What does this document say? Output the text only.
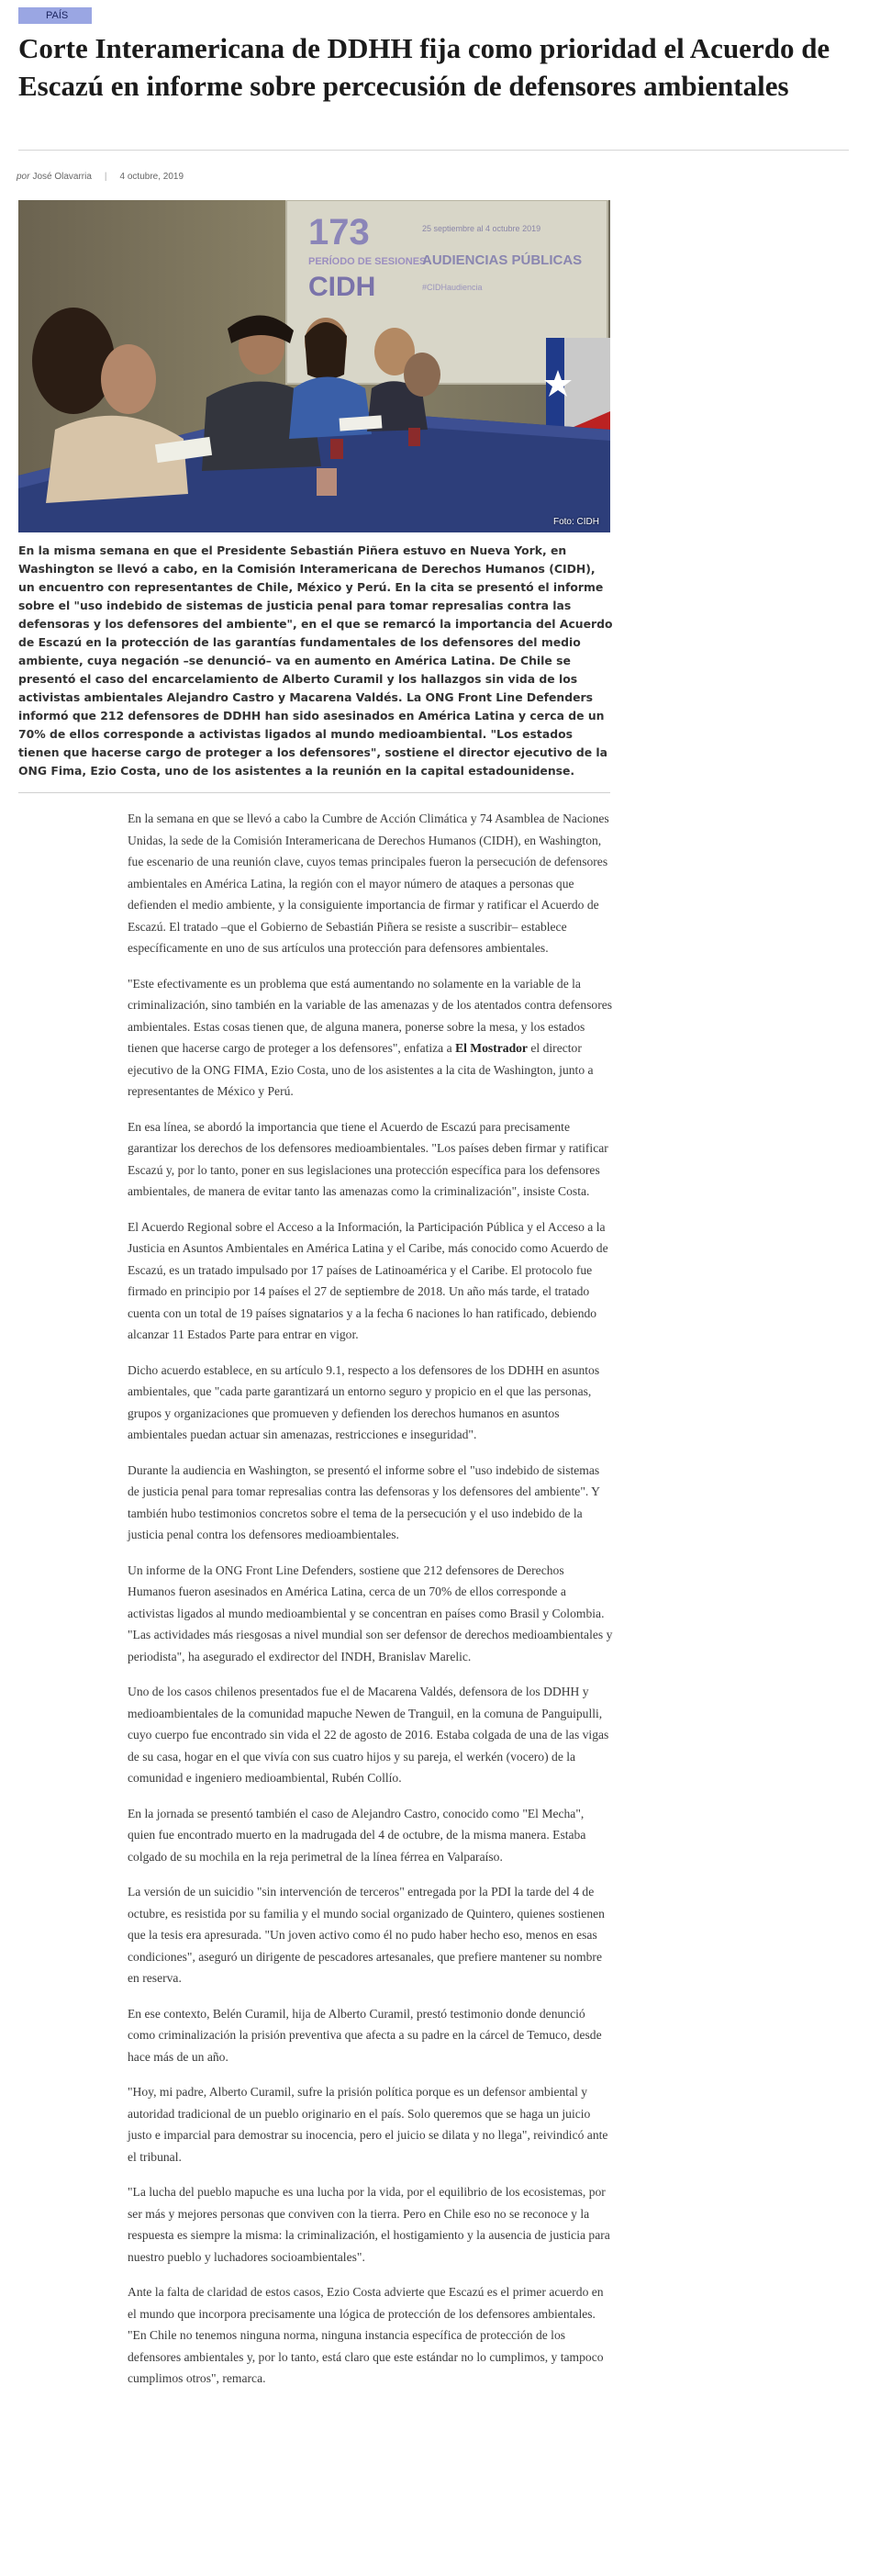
PAÍS
Corte Interamericana de DDHH fija como prioridad el Acuerdo de Escazú en informe sobre percecusión de defensores ambientales
por José Olavarria | 4 octubre, 2019
173
PERÍODO DE SESIONES
CIDH
25 septiembre al 4 octubre 2019
AUDIENCIAS PÚBLICAS
#CIDHaudiencia
Foto: CIDH

En la misma semana en que el Presidente Sebastián Piñera estuvo en Nueva York, en Washington se llevó a cabo, en la Comisión Interamericana de Derechos Humanos (CIDH), un encuentro con representantes de Chile, México y Perú. En la cita se presentó el informe sobre el "uso indebido de sistemas de justicia penal para tomar represalias contra las defensoras y los defensores del ambiente", en el que se remarcó la importancia del Acuerdo de Escazú en la protección de las garantías fundamentales de los defensores del medio ambiente, cuya negación –se denunció– va en aumento en América Latina. De Chile se presentó el caso del encarcelamiento de Alberto Curamil y los hallazgos sin vida de los activistas ambientales Alejandro Castro y Macarena Valdés. La ONG Front Line Defenders informó que 212 defensores de DDHH han sido asesinados en América Latina y cerca de un 70% de ellos corresponde a activistas ligados al mundo medioambiental. "Los estados tienen que hacerse cargo de proteger a los defensores", sostiene el director ejecutivo de la ONG Fima, Ezio Costa, uno de los asistentes a la reunión en la capital estadounidense.

En la semana en que se llevó a cabo la Cumbre de Acción Climática y 74 Asamblea de Naciones Unidas, la sede de la Comisión Interamericana de Derechos Humanos (CIDH), en Washington, fue escenario de una reunión clave, cuyos temas principales fueron la persecución de defensores ambientales en América Latina, la región con el mayor número de ataques a personas que defienden el medio ambiente, y la consiguiente importancia de firmar y ratificar el Acuerdo de Escazú. El tratado –que el Gobierno de Sebastián Piñera se resiste a suscribir– establece específicamente en uno de sus artículos una protección para defensores ambientales.

"Este efectivamente es un problema que está aumentando no solamente en la variable de la criminalización, sino también en la variable de las amenazas y de los atentados contra defensores ambientales. Estas cosas tienen que, de alguna manera, ponerse sobre la mesa, y los estados tienen que hacerse cargo de proteger a los defensores", enfatiza a El Mostrador el director ejecutivo de la ONG FIMA, Ezio Costa, uno de los asistentes a la cita de Washington, junto a representantes de México y Perú.

En esa línea, se abordó la importancia que tiene el Acuerdo de Escazú para precisamente garantizar los derechos de los defensores medioambientales. "Los países deben firmar y ratificar Escazú y, por lo tanto, poner en sus legislaciones una protección específica para los defensores ambientales, de manera de evitar tanto las amenazas como la criminalización", insiste Costa.

El Acuerdo Regional sobre el Acceso a la Información, la Participación Pública y el Acceso a la Justicia en Asuntos Ambientales en América Latina y el Caribe, más conocido como Acuerdo de Escazú, es un tratado impulsado por 17 países de Latinoamérica y el Caribe. El protocolo fue firmado en principio por 14 países el 27 de septiembre de 2018. Un año más tarde, el tratado cuenta con un total de 19 países signatarios y a la fecha 6 naciones lo han ratificado, debiendo alcanzar 11 Estados Parte para entrar en vigor.

Dicho acuerdo establece, en su artículo 9.1, respecto a los defensores de los DDHH en asuntos ambientales, que "cada parte garantizará un entorno seguro y propicio en el que las personas, grupos y organizaciones que promueven y defienden los derechos humanos en asuntos ambientales puedan actuar sin amenazas, restricciones e inseguridad".

Durante la audiencia en Washington, se presentó el informe sobre el "uso indebido de sistemas de justicia penal para tomar represalias contra las defensoras y los defensores del ambiente". Y también hubo testimonios concretos sobre el tema de la persecución y el uso indebido de la justicia penal contra los defensores medioambientales.

Un informe de la ONG Front Line Defenders, sostiene que 212 defensores de Derechos Humanos fueron asesinados en América Latina, cerca de un 70% de ellos corresponde a activistas ligados al mundo medioambiental y se concentran en países como Brasil y Colombia. "Las actividades más riesgosas a nivel mundial son ser defensor de derechos medioambientales y periodista", ha asegurado el exdirector del INDH, Branislav Marelic.

Uno de los casos chilenos presentados fue el de Macarena Valdés, defensora de los DDHH y medioambientales de la comunidad mapuche Newen de Tranguil, en la comuna de Panguipulli, cuyo cuerpo fue encontrado sin vida el 22 de agosto de 2016. Estaba colgada de una de las vigas de su casa, hogar en el que vivía con sus cuatro hijos y su pareja, el werkén (vocero) de la comunidad e ingeniero medioambiental, Rubén Collío.

En la jornada se presentó también el caso de Alejandro Castro, conocido como "El Mecha", quien fue encontrado muerto en la madrugada del 4 de octubre, de la misma manera. Estaba colgado de su mochila en la reja perimetral de la línea férrea en Valparaíso.

La versión de un suicidio "sin intervención de terceros" entregada por la PDI la tarde del 4 de octubre, es resistida por su familia y el mundo social organizado de Quintero, quienes sostienen que la tesis era apresurada. "Un joven activo como él no pudo haber hecho eso, menos en esas condiciones", aseguró un dirigente de pescadores artesanales, que prefiere mantener su nombre en reserva.

En ese contexto, Belén Curamil, hija de Alberto Curamil, prestó testimonio donde denunció como criminalización la prisión preventiva que afecta a su padre en la cárcel de Temuco, desde hace más de un año.

"Hoy, mi padre, Alberto Curamil, sufre la prisión política porque es un defensor ambiental y autoridad tradicional de un pueblo originario en el país. Solo queremos que se haga un juicio justo e imparcial para demostrar su inocencia, pero el juicio se dilata y no llega", reivindicó ante el tribunal.

"La lucha del pueblo mapuche es una lucha por la vida, por el equilibrio de los ecosistemas, por ser más y mejores personas que conviven con la tierra. Pero en Chile eso no se reconoce y la respuesta es siempre la misma: la criminalización, el hostigamiento y la ausencia de justicia para nuestro pueblo y luchadores socioambientales".

Ante la falta de claridad de estos casos, Ezio Costa advierte que Escazú es el primer acuerdo en el mundo que incorpora precisamente una lógica de protección de los defensores ambientales. "En Chile no tenemos ninguna norma, ninguna instancia específica de protección de los defensores ambientales y, por lo tanto, está claro que este estándar no lo cumplimos, y tampoco cumplimos otros", remarca.
